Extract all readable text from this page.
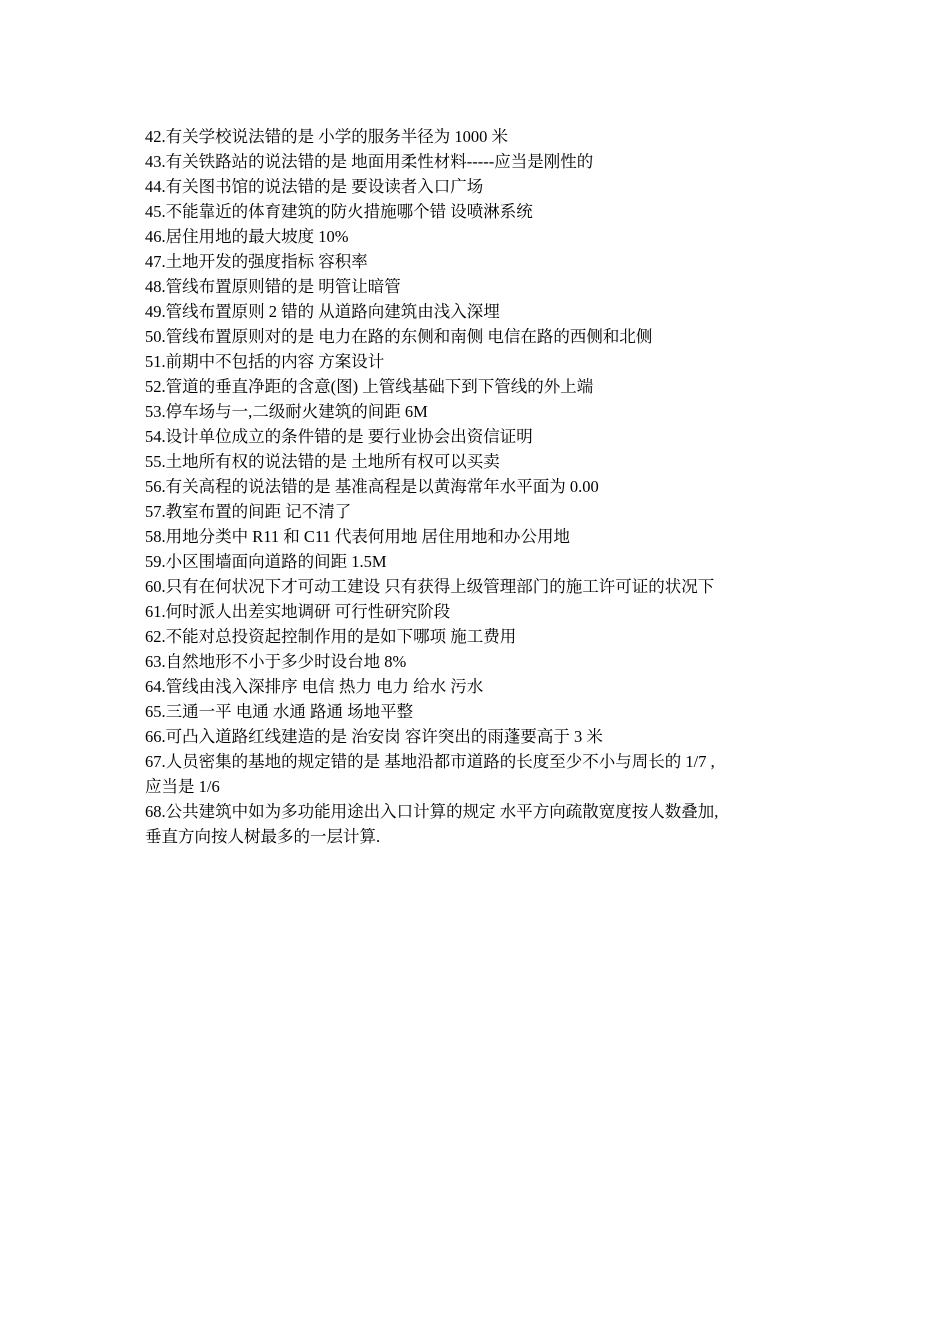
42.有关学校说法错的是 小学的服务半径为 1000 米

43.有关铁路站的说法错的是 地面用柔性材料-----应当是刚性的

44.有关图书馆的说法错的是 要设读者入口广场

45.不能靠近的体育建筑的防火措施哪个错 设喷淋系统

46.居住用地的最大坡度 10%

47.土地开发的强度指标 容积率

48.管线布置原则错的是 明管让暗管

49.管线布置原则 2 错的 从道路向建筑由浅入深埋

50.管线布置原则对的是 电力在路的东侧和南侧 电信在路的西侧和北侧

51.前期中不包括的内容 方案设计

52.管道的垂直净距的含意(图) 上管线基础下到下管线的外上端

53.停车场与一,二级耐火建筑的间距 6M

54.设计单位成立的条件错的是 要行业协会出资信证明

55.土地所有权的说法错的是 土地所有权可以买卖

56.有关高程的说法错的是 基准高程是以黄海常年水平面为 0.00

57.教室布置的间距 记不清了

58.用地分类中 R11 和 C11 代表何用地 居住用地和办公用地

59.小区围墙面向道路的间距 1.5M

60.只有在何状况下才可动工建设 只有获得上级管理部门的施工许可证的状况下

61.何时派人出差实地调研 可行性研究阶段

62.不能对总投资起控制作用的是如下哪项 施工费用

63.自然地形不小于多少时设台地 8%

64.管线由浅入深排序 电信 热力 电力 给水 污水

65.三通一平 电通 水通 路通 场地平整

66.可凸入道路红线建造的是 治安岗 容许突出的雨蓬要高于 3 米

67.人员密集的基地的规定错的是 基地沿都市道路的长度至少不小与周长的 1/7 ,

应当是 1/6

68.公共建筑中如为多功能用途出入口计算的规定 水平方向疏散宽度按人数叠加,

垂直方向按人树最多的一层计算.
